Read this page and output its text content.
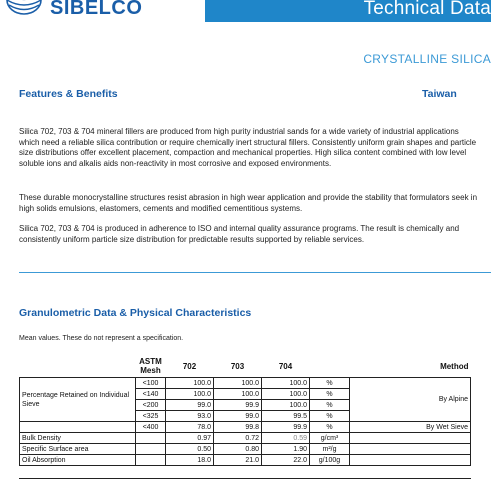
SIBELCO	Technical Data
CRYSTALLINE SILICA
Features & Benefits	Taiwan

Silica 702, 703 & 704 mineral fillers are produced from high purity industrial sands for a wide variety of industrial applications which need a reliable silica contribution or require chemically inert structural fillers. Consistently uniform grain shapes and particle size distributions offer excellent placement, compaction and mechanical properties. High silica content combined with low level soluble ions and alkalis aids non-reactivity in most corrosive and exposed environments.

These durable monocrystalline structures resist abrasion in high wear application and provide the stability that formulators seek in high solids emulsions, elastomers, cements and modified cementitious systems.

Silica 702, 703 & 704 is produced in adherence to ISO and internal quality assurance programs. The result is chemically and consistently uniform particle size distribution for predictable results supported by reliable services.

Granulometric Data & Physical Characteristics
Mean values. These do not represent a specification.
	ASTM Mesh	702	703	704		Method
Percentage Retained on Individual Sieve	<100	100.0	100.0	100.0	%	By Alpine
	<140	100.0	100.0	100.0	%	
	<200	99.0	99.9	100.0	%	
	<325	93.0	99.0	99.5	%	
	<400	78.0	99.8	99.9	%	By Wet Sieve
Bulk Density		0.97	0.72	0.59	g/cm³	
Specific Surface area		0.50	0.80	1.90	m²/g	
Oil Absorption		18.0	21.0	22.0	g/100g	
